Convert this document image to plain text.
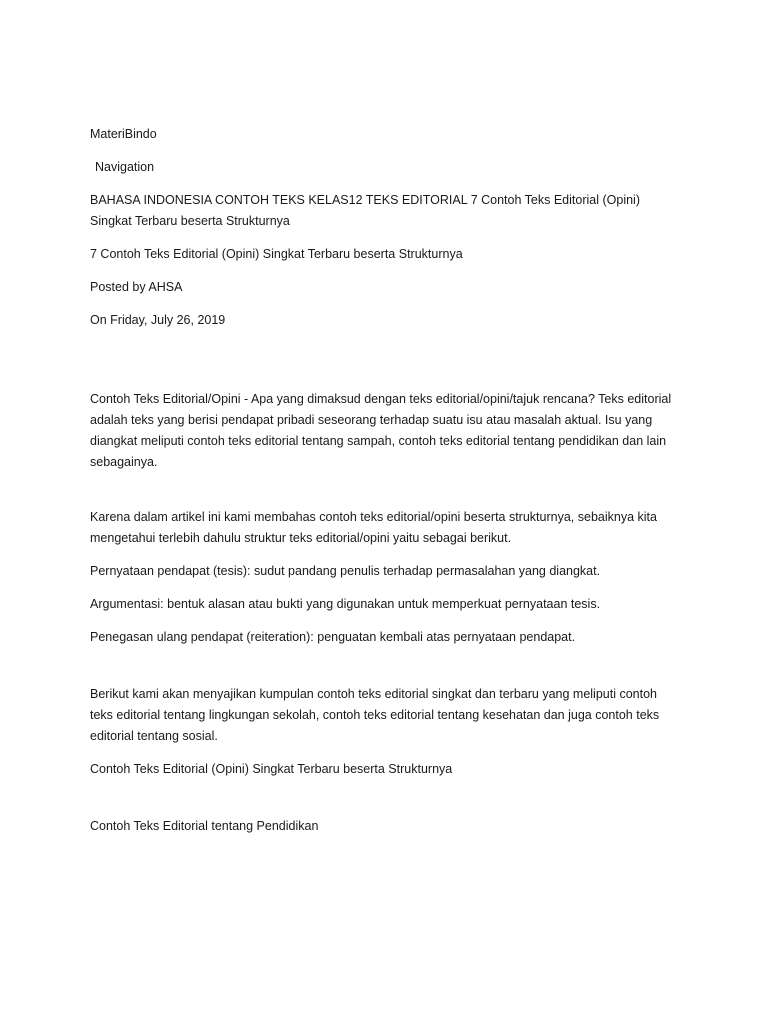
MateriBindo

Navigation

BAHASA INDONESIA CONTOH TEKS KELAS12 TEKS EDITORIAL 7 Contoh Teks Editorial (Opini) Singkat Terbaru beserta Strukturnya

7 Contoh Teks Editorial (Opini) Singkat Terbaru beserta Strukturnya

Posted by AHSA

On Friday, July 26, 2019

Contoh Teks Editorial/Opini - Apa yang dimaksud dengan teks editorial/opini/tajuk rencana? Teks editorial adalah teks yang berisi pendapat pribadi seseorang terhadap suatu isu atau masalah aktual. Isu yang diangkat meliputi contoh teks editorial tentang sampah, contoh teks editorial tentang pendidikan dan lain sebagainya.

Karena dalam artikel ini kami membahas contoh teks editorial/opini beserta strukturnya, sebaiknya kita mengetahui terlebih dahulu struktur teks editorial/opini yaitu sebagai berikut.

Pernyataan pendapat (tesis): sudut pandang penulis terhadap permasalahan yang diangkat.

Argumentasi: bentuk alasan atau bukti yang digunakan untuk memperkuat pernyataan tesis.

Penegasan ulang pendapat (reiteration): penguatan kembali atas pernyataan pendapat.

Berikut kami akan menyajikan kumpulan contoh teks editorial singkat dan terbaru yang meliputi contoh teks editorial tentang lingkungan sekolah, contoh teks editorial tentang kesehatan dan juga contoh teks editorial tentang sosial.

Contoh Teks Editorial (Opini) Singkat Terbaru beserta Strukturnya

Contoh Teks Editorial tentang Pendidikan
